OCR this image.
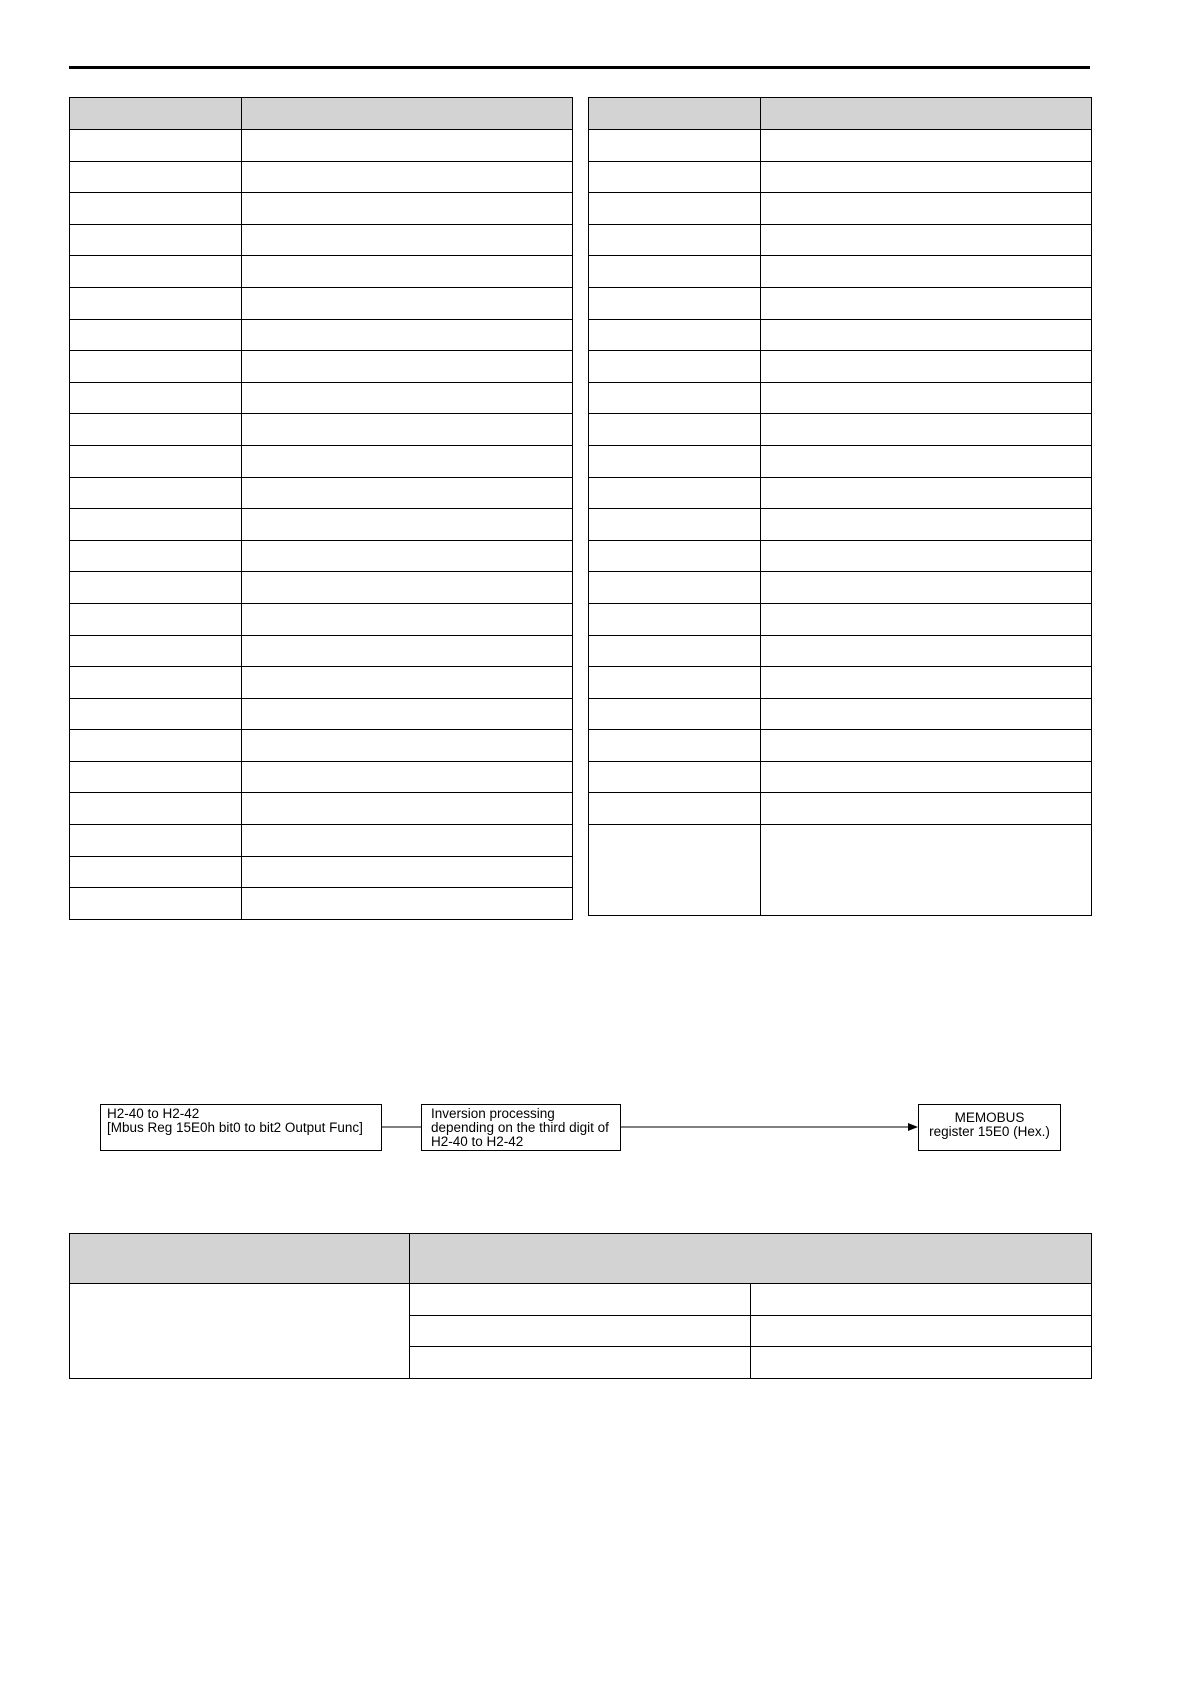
H2-40 to H2-42
[Mbus Reg 15E0h bit0 to bit2 Output Func]
Inversion processing
depending on the third digit of
H2-40 to H2-42
MEMOBUS
register 15E0 (Hex.)
